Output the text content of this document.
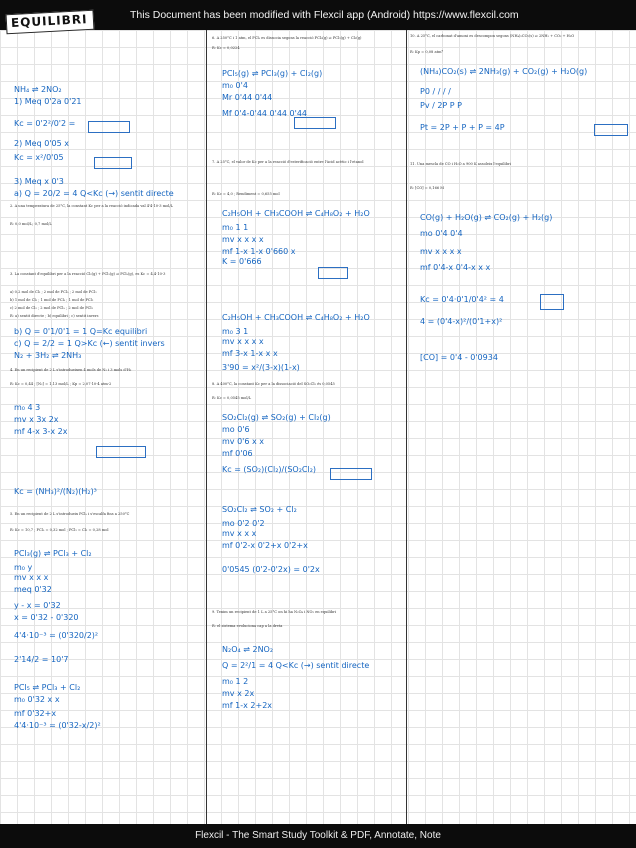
This Document has been modified with Flexcil app (Android) https://www.flexcil.com
EQUILIBRI
2. A una temperatura de 25°C, la constant Kc per a la reacció indicada val 4'4·10-3 mol/L
R: 0,0 mol/L; 0,7 mol/L
3. La constant d'equilibri per a la reacció Cl₂(g) + PCl₃(g) ⇌ PCl₅(g), es Kc = 4,4·10-3
a) 0,2 mol de Cl₂ ; 2 mol de PCl₅ ; 2 mol de PCl₃
b) 1 mol de Cl₂ ; 1 mol de PCl₅ ; 1 mol de PCl₃
c) 2 mol de Cl₂ ; 2 mol de PCl₅ ; 2 mol de PCl₃
R: a) sentit directe ; b) equilibri ; c) sentit invers
4. En un recipient de 2 L s'introdueixen 4 mols de N₂ i 3 mols d'H₂
R: Kc = 0,44 ; [N₂] = 1,13 mol/L ; Kp = 2,07·10-4 atm-2
5. En un recipient de 2 L s'introdueix PCl₅ i s'escalfa fins a 250°C
R: Kc = 10,7 ; PCl₅ = 0,32 mol ; PCl₃ = Cl₂ = 0,28 mol
NH₄ ⇌ 2NO₂
1) Meq 0'2a 0'21
Kc = 0'2²/0'2 =
2) Meq 0'05 x
Kc = x²/0'05
3) Meq x 0'3
a) Q = 20/2 = 4 Q<Kc (→) sentit directe
b) Q = 0'1/0'1 = 1 Q=Kc equilibri
c) Q = 2/2 = 1 Q>Kc (←) sentit invers
N₂ + 3H₂ ⇌ 2NH₃
m₀ 4 3
mv x 3x 2x
mf 4-x 3-x 2x
Kc = (NH₃)²/(N₂)(H₂)³
PCl₃(g) ⇌ PCl₃ + Cl₂
m₀ y
mv x x x
meq 0'32
y - x = 0'32
x = 0'32 - 0'320
4'4·10⁻³ = (0'320/2)²
2'14/2 = 10'7
PCl₅ ⇌ PCl₃ + Cl₂
m₀ 0'32 x x
mf 0'32+x
4'4·10⁻³ = (0'32-x/2)²
6. A 250°C i 1 atm, el PCl₅ es dissocia segons la reacció PCl₅(g) ⇌ PCl₃(g) + Cl₂(g)
R: Kc = 0,0224
7. A 25°C, el valor de Kc per a la reacció d'esterificació entre l'àcid acètic i l'etanol
R: Kc = 4,0 ; Rendiment = 0,655 mol
8. A 400°C, la constant Kc per a la dissociació del SO₂Cl₂ és 0,0545
R: Kc = 0,0545 mol/L
9. Tenim un recipient de 1 L a 25°C on hi ha N₂O₄ i NO₂ en equilibri
R: el sistema evoluciona cap a la dreta
PCl₅(g) ⇌ PCl₃(g) + Cl₂(g)
m₀ 0'4
Mr 0'44 0'44
Mf 0'4-0'44 0'44 0'44
C₂H₅OH + CH₃COOH ⇌ C₄H₈O₂ + H₂O
m₀ 1 1
mv x x x x
mf 1-x 1-x 0'660 x
K = 0'666
C₂H₅OH + CH₃COOH ⇌ C₄H₈O₂ + H₂O
m₀ 3 1
mv x x x x
mf 3-x 1-x x x
3'90 = x²/(3-x)(1-x)
SO₂Cl₂(g) ⇌ SO₂(g) + Cl₂(g)
mo 0'6
mv 0'6 x x
mf 0'06
Kc = (SO₂)(Cl₂)/(SO₂Cl₂)
SO₂Cl₂ ⇌ SO₂ + Cl₂
mo 0'2 0'2
mv x x x
mf 0'2-x 0'2+x 0'2+x
0'0545 (0'2-0'2x) = 0'2x
N₂O₄ ⇌ 2NO₂
Q = 2²/1 = 4 Q<Kc (→) sentit directe
m₀ 1 2
mv x 2x
mf 1-x 2+2x
10. A 25°C, el carbonat d'amoni es descompon segons (NH₄)₂CO₃(s) ⇌ 2NH₃ + CO₂ + H₂O
R: Kp = 0,08 atm⁴
11. Una mescla de CO i H₂O a 900 K assoleix l'equilibri
R: [CO] = 0,166 M
(NH₄)CO₂(s) ⇌ 2NH₃(g) + CO₂(g) + H₂O(g)
P0 / / / /
Pv / 2P P P
Pt = 2P + P + P = 4P
CO(g) + H₂O(g) ⇌ CO₂(g) + H₂(g)
mo 0'4 0'4
mv x x x x
mf 0'4-x 0'4-x x x
Kc = 0'4·0'1/0'4² = 4
4 = (0'4-x)²/(0'1+x)²
[CO] = 0'4 - 0'0934
Flexcil - The Smart Study Toolkit & PDF, Annotate, Note
